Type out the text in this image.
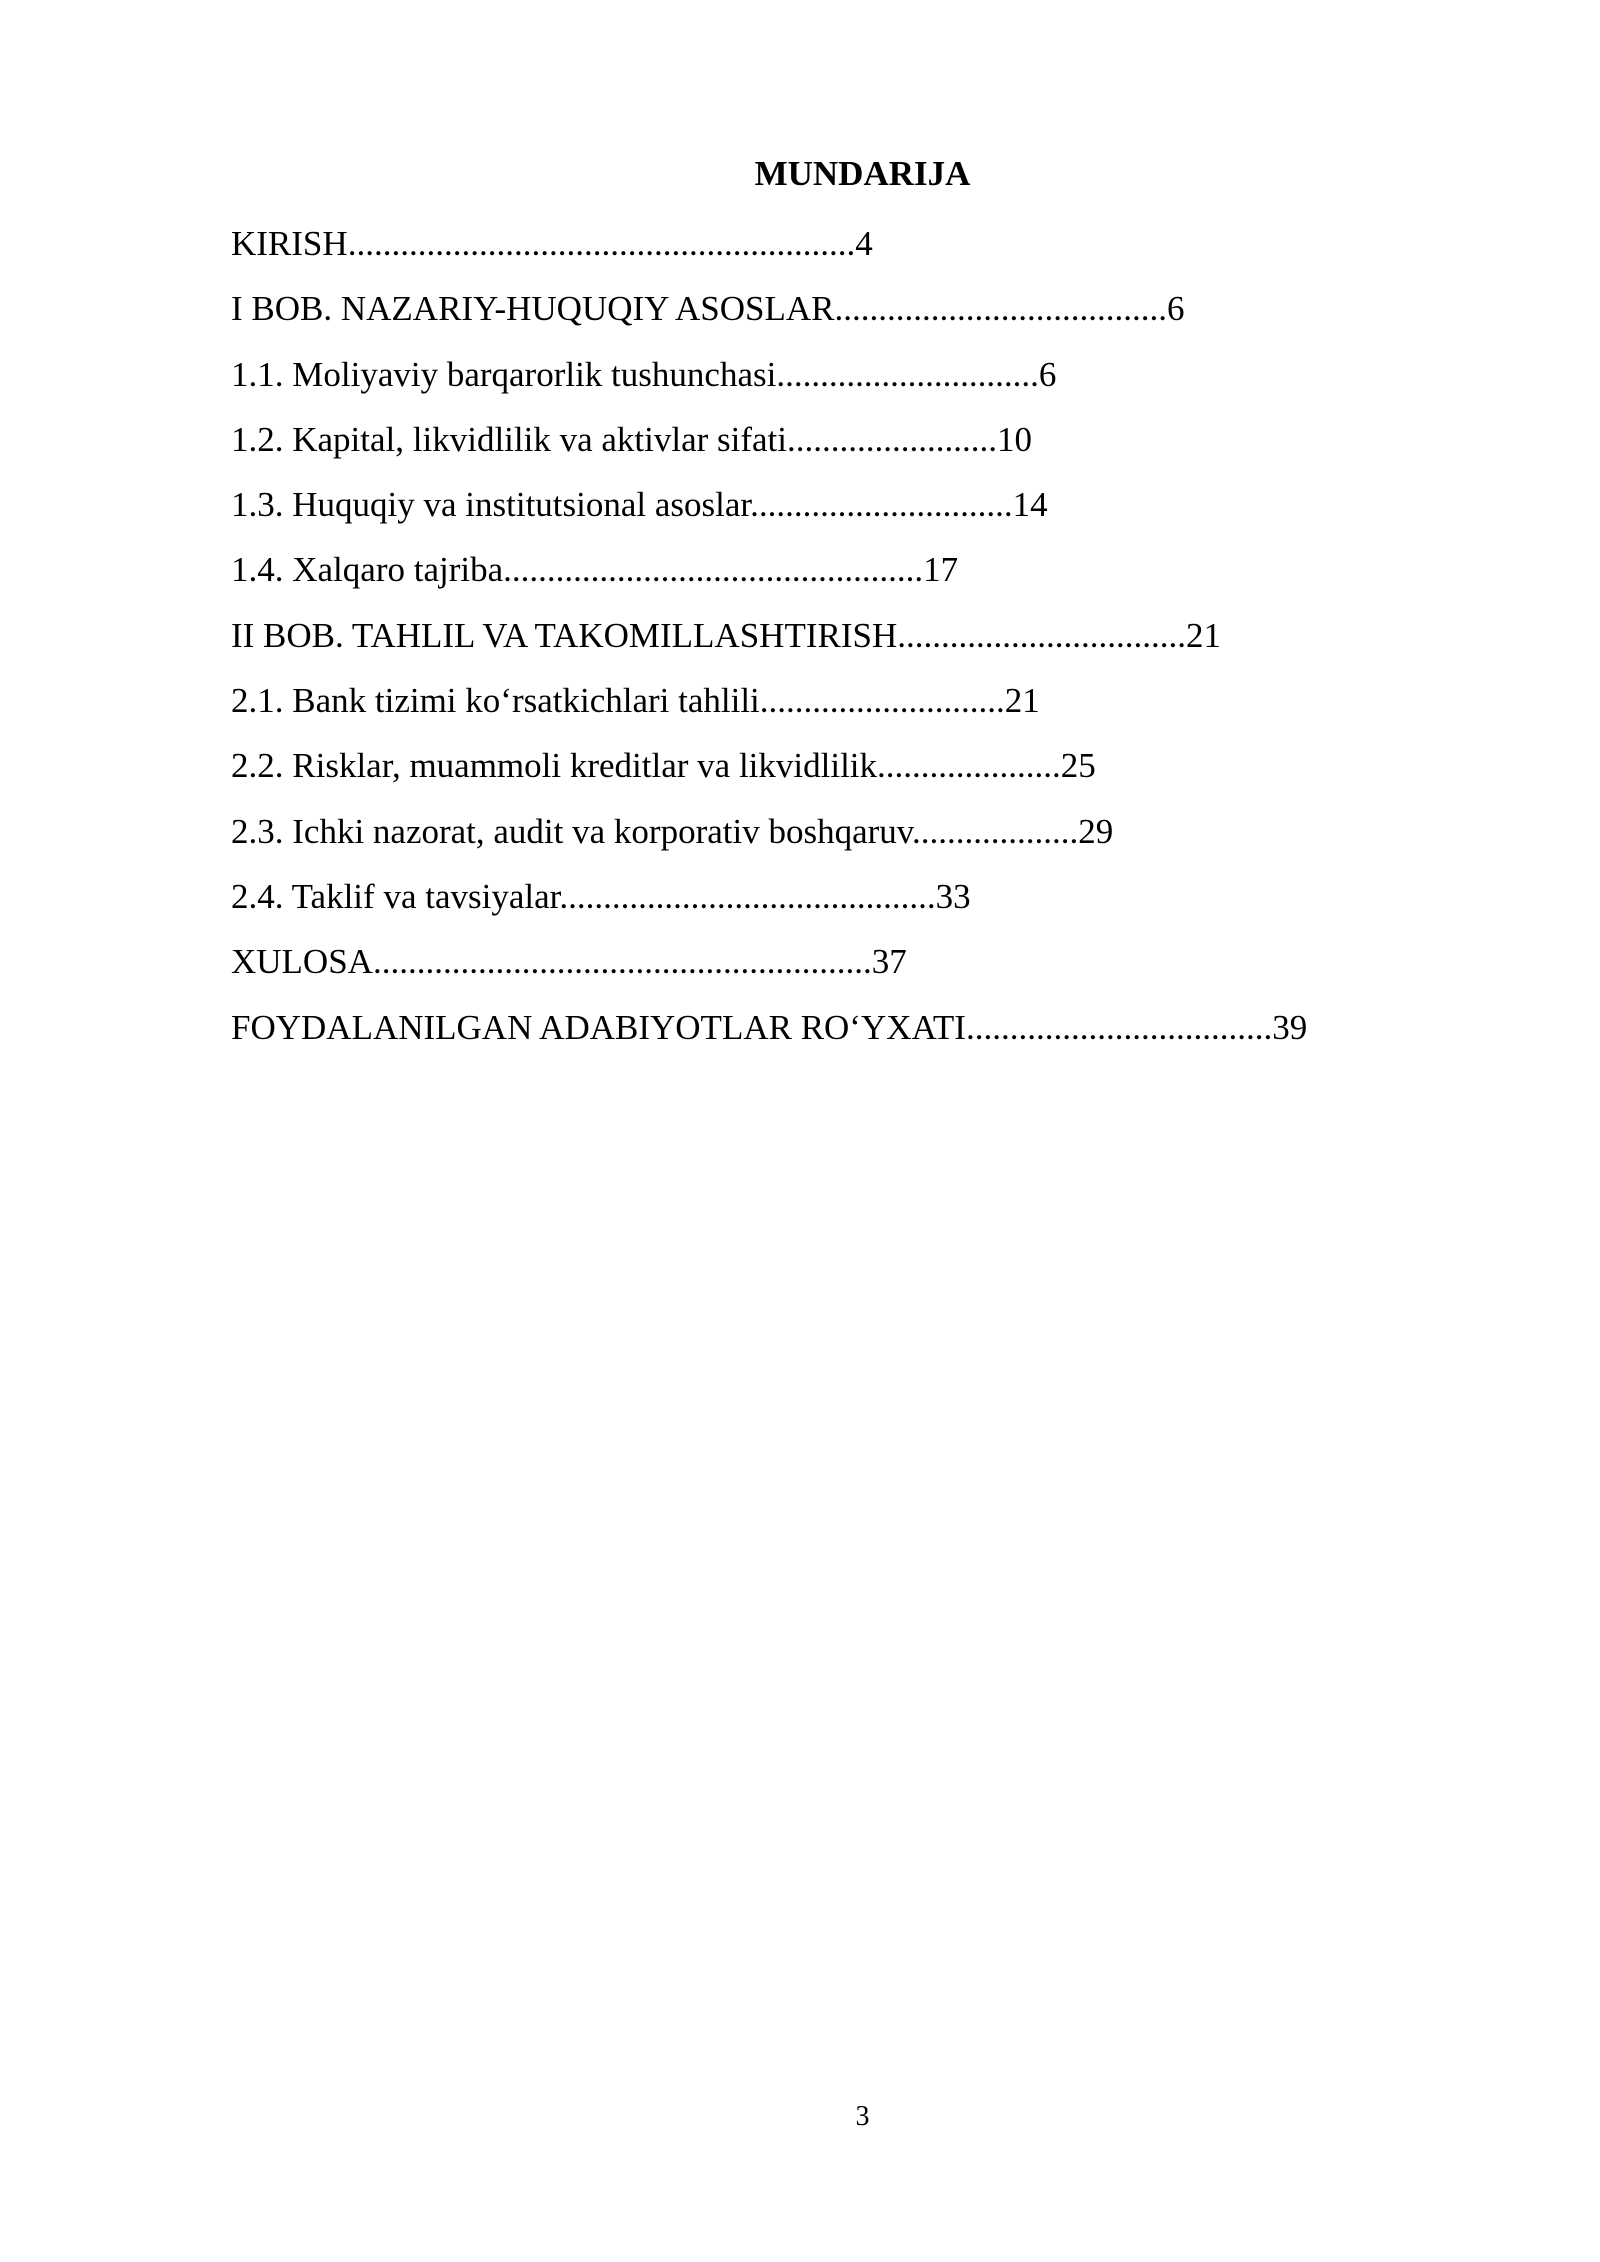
MUNDARIJA
KIRISH..........................................................4
I BOB. NAZARIY-HUQUQIY ASOSLAR......................................6
1.1. Moliyaviy barqarorlik tushunchasi..............................6
1.2. Kapital, likvidlilik va aktivlar sifati........................10
1.3. Huquqiy va institutsional asoslar..............................14
1.4. Xalqaro tajriba................................................17
II BOB. TAHLIL VA TAKOMILLASHTIRISH.................................21
2.1. Bank tizimi ko‘rsatkichlari tahlili............................21
2.2. Risklar, muammoli kreditlar va likvidlilik.....................25
2.3. Ichki nazorat, audit va korporativ boshqaruv...................29
2.4. Taklif va tavsiyalar...........................................33
XULOSA.........................................................37
FOYDALANILGAN ADABIYOTLAR RO‘YXATI...................................39
3
